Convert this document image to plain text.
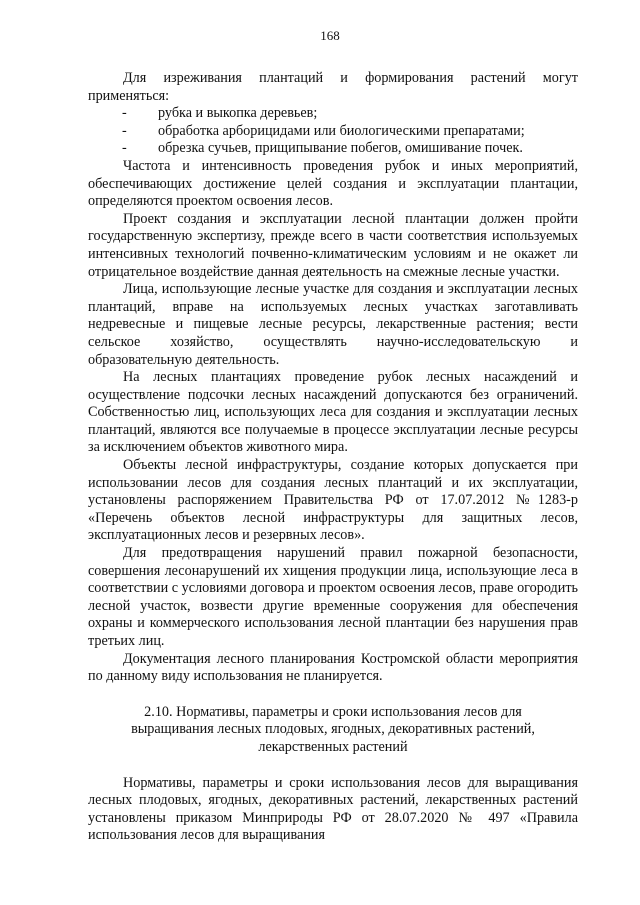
168

Для изреживания плантаций и формирования растений могут применяться:

- рубка и выкопка деревьев;
- обработка арборицидами или биологическими препаратами;
- обрезка сучьев, прищипывание побегов, омишивание почек.

Частота и интенсивность проведения рубок и иных мероприятий, обеспечивающих достижение целей создания и эксплуатации плантации, определяются проектом освоения лесов.

Проект создания и эксплуатации лесной плантации должен пройти государственную экспертизу, прежде всего в части соответствия используемых интенсивных технологий почвенно-климатическим условиям и не окажет ли отрицательное воздействие данная деятельность на смежные лесные участки.

Лица, использующие лесные участке для создания и эксплуатации лесных плантаций, вправе на используемых лесных участках заготавливать недревесные и пищевые лесные ресурсы, лекарственные растения; вести сельское хозяйство, осуществлять научно-исследовательскую и образовательную деятельность.

На лесных плантациях проведение рубок лесных насаждений и осуществление подсочки лесных насаждений допускаются без ограничений. Собственностью лиц, использующих леса для создания и эксплуатации лесных плантаций, являются все получаемые в процессе эксплуатации лесные ресурсы за исключением объектов животного мира.

Объекты лесной инфраструктуры, создание которых допускается при использовании лесов для создания лесных плантаций и их эксплуатации, установлены распоряжением Правительства РФ от 17.07.2012 №1283-р «Перечень объектов лесной инфраструктуры для защитных лесов, эксплуатационных лесов и резервных лесов».

Для предотвращения нарушений правил пожарной безопасности, совершения лесонарушений их хищения продукции лица, использующие леса в соответствии с условиями договора и проектом освоения лесов, праве огородить лесной участок, возвести другие временные сооружения для обеспечения охраны и коммерческого использования лесной плантации без нарушения прав третьих лиц.

Документация лесного планирования Костромской области мероприятия по данному виду использования не планируется.

2.10. Нормативы, параметры и сроки использования лесов для
выращивания лесных плодовых, ягодных, декоративных растений,
лекарственных растений

Нормативы, параметры и сроки использования лесов для выращивания лесных плодовых, ягодных, декоративных растений, лекарственных растений установлены приказом Минприроды РФ от 28.07.2020 № 497 «Правила использования лесов для выращивания
